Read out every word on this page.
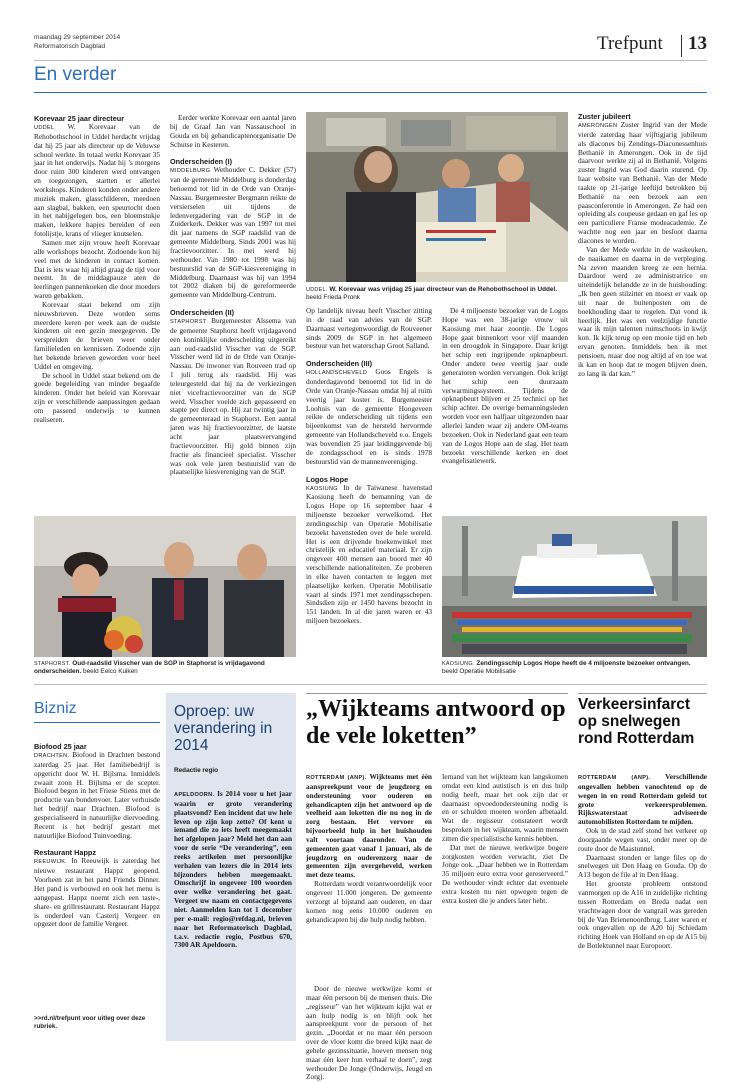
maandag 29 september 2014
Reformatorisch Dagblad	Trefpunt 13
En verder
Korevaar 25 jaar directeur

UDDEL W. Korevaar van de Rehobothschool in Uddel herdacht vrijdag dat hij 25 jaar als directeur op de Veluwse school werkte. In totaal werkt Korevaar 35 jaar in het onderwijs. Nadat hij ’s morgens door ruim 300 kinderen werd ontvangen en toegezongen, startten er allerlei workshops. Kinderen konden onder andere muziek maken, glasschilderen, meedoen aan slagbal, bakken, een speurtocht doen in het nabijgelegen bos, een bloemstukje maken, lekkere hapjes bereiden of een fotolijstje, krans of vlieger knutselen.

Samen met zijn vrouw heeft Korevaar alle workshops bezocht. Zodoende kon hij veel met de kinderen in contact komen. Dat is iets waar hij altijd graag de tijd voor neemt. In de middagpauze aten de leerlingen pannenkoeken die door moeders waren gebakken.

Korevaar staat bekend om zijn nieuwsbrieven. Deze worden soms meerdere keren per week aan de oudste kinderen uit een gezin meegegeven. De verspreiden de brieven weer onder familieleden en kennissen. Zodoende zijn het bekende brieven geworden voor heel Uddel en omgeving.

De school in Uddel staat bekend om de goede begeleiding van minder begaafde kinderen. Onder het beleid van Korevaar zijn er verschillende aanpassingen gedaan om passend onderwijs te kunnen realiseren.

Eerder werkte Korevaar een aantal jaren bij de Graaf Jan van Nassauschool in Gouda en bij gehandicaptenorganisatie De Schutse in Kesteren.

Onderscheiden (I)

MIDDELBURG Wethouder C. Dekker (57) van de gemeente Middelburg is donderdag benoemd tot lid in de Orde van Oranje-Nassau. Burgemeester Bergmann reikte de versierselen uit tijdens de ledenvergadering van de SGP in de Zuiderkerk. Dekker was van 1997 tot mei dit jaar namens de SGP raadslid van de gemeente Middelburg. Sinds 2001 was hij fractievoorzitter. In mei werd hij wethouder. Van 1980 tot 1998 was hij bestuurslid van de SGP-kiesvereniging in Middelburg. Daarnaast was hij van 1994 tot 2002 diaken bij de gereformeerde gemeente van Middelburg-Centrum.

Onderscheiden (II)

STAPHORST Burgemeester Alssema van de gemeente Staphorst heeft vrijdagavond een koninklijke onderscheiding uitgereikt aan oud-raadslid Visscher van de SGP. Visscher werd lid in de Orde van Oranje-Nassau. De inwoner van Rouveen trad op 1 juli terug als raadslid. Hij was teleurgesteld dat hij na de verkiezingen niet vicefractievoorzitter van de SGP werd. Visscher voelde zich gepasseerd en stapte per direct op. Hij zat twintig jaar in de gemeenteraad in Staphorst. Een aantal jaren was hij fractievoorzitter, de laatste acht jaar plaatsvervangend fractievoorzitter. Hij gold binnen zijn fractie als financieel specialist. Visscher was ook vele jaren bestuurslid van de plaatselijke kiesvereniging van de SGP.

UDDEL. W. Korevaar was vrijdag 25 jaar directeur van de Rehobothschool in Uddel. beeld Frieda Pronk

Op landelijk niveau heeft Visscher zitting in de raad van advies van de SGP. Daarnaast vertegenwoordigt de Rouveener sinds 2009 de SGP in het algemeen bestuur van het waterschap Groot Salland.

Onderscheiden (III)

HOLLANDSCHEVELD Goos Engels is donderdagavond benoemd tot lid in de Orde van Oranje-Nassau omdat hij al ruim veertig jaar koster is. Burgemeester Loohuis van de gemeente Hoogeveen reikte de onderscheiding uit tijdens een bijeenkomst van de hersteld hervormde gemeente van Hollandscheveld e.o. Engels was bovendien 25 jaar leidinggevende bij de zondagsschool en is sinds 1978 bestuurslid van de mannenvereniging.

Logos Hope

KAOSIUNG In de Taiwanese havenstad Kaosiung heeft de bemanning van de Logos Hope op 16 september haar 4 miljoenste bezoeker verwelkomd. Het zendingsschip van Operatie Mobilisatie bezoekt havensteden over de hele wereld. Het is een drijvende boekenwinkel met christelijk en educatief materiaal. Er zijn ongeveer 400 mensen aan boord met 40 verschillende nationaliteiten. Ze proberen in elke haven contacten te leggen met plaatselijke kerken. Operatie Mobilisatie vaart al sinds 1971 met zendingsschepen. Sindsdien zijn er 1450 havens bezocht in 151 landen. In al die jaren waren er 43 miljoen bezoekers.

De 4 miljoenste bezoeker van de Logos Hope was een 38-jarige vrouw uit Kaosiung met haar zoontje. De Logos Hope gaat binnenkort voor vijf maanden in een droogdok in Singapore. Daar krijgt het schip een ingrijpende opknapbeurt. Onder andere twee veertig jaar oude generatoren worden vervangen. Ook krijgt het schip een duurzaam verwarmingssysteem. Tijdens de opknapbeurt blijven er 25 technici op het schip achter. De overige bemanningsleden worden voor een halfjaar uitgezonden naar allerlei landen waar zij andere OM-teams bezoeken. Ook in Nederland gaat een team van de Logos Hope aan de slag. Het team bezoekt verschillende kerken en doet evangelisatiewerk.

Zuster jubileert

AMERONGEN Zuster Ingrid van der Mede vierde zaterdag haar vijftigjarig jubileum als diacones bij Zendings-Diaconessenhuis Bethanië in Amerongen. Ook in de tijd daarvoor werkte zij al in Bethanië. Volgens zuster Ingrid was God daarin sturend. Op haar website van Bethanië. Van der Mede raakte op 21-jarige leeftijd betrokken bij Bethanië na een bezoek aan een paasconferentie in Amerongen. Ze had een opleiding als coupeuse gedaan en gaf les op een particuliere Franse modeacademie. Ze wachtte nog een jaar en besloot daarna diacones te worden.

Van der Mede werkte in de waskeuken, de naaikamer en daarna in de verpleging. Na zeven maanden kreeg ze een hernia. Daardoor werd ze administratrice en uiteindelijk belandde ze in de huishouding: „Ik ben geen stilzitter en moest er vaak op uit naar de buitenposten om de boekhouding daar te regelen. Dat vond ik heerlijk. Het was een veelzijdige functie waar ik mijn talenten ruimschoots in kwijt kon. Ik kijk terug op een mooie tijd en heb ervan genoten. Inmiddels ben ik met pensioen, maar doe nog altijd af en toe wat ik kan en hoop dat te mogen blijven doen, zo lang ik dat kan.”

STAPHORST. Oud-raadslid Visscher van de SGP in Staphorst is vrijdagavond onderscheiden. beeld Eelco Kuiken
KAOSIUNG. Zendingsschip Logos Hope heeft de 4 miljoenste bezoeker ontvangen. beeld Operatie Mobilisatie
Bizniz
Biofood 25 jaar

DRACHTEN. Biofood in Drachten bestond zaterdag 25 jaar. Het familiebedrijf is opgericht door W. H. Bijlsma. Inmiddels zwaait zoon H. Bijlsma er de scepter. Biofood begon in het Friese Stiens met de productie van bondenvoer. Later verhuisde het bedrijf naar Drachten. Biofood is gespecialiseerd in natuurlijke diervoeding. Recent is het bedrijf gestart met natuurlijke Biofood Tuinvoeding.

Restaurant Happz

REEUWIJK. In Reeuwijk is zaterdag het nieuwe restaurant Happz geopend. Voorheen zat in het pand Friends Dinner. Het pand is verbouwd en ook het menu is aangepast. Happz noemt zich een taste-, share- en grillrestaurant. Restaurant Happz is onderdeel van Casterij Vergeer en opgezet door de familie Vergeer.

>>rd.nl/trefpunt voor uitleg over deze rubriek.
Oproep: uw verandering in 2014
Redactie regio

APELDOORN. Is 2014 voor u het jaar waarin er grote verandering plaatsvond? Een incident dat uw hele leven op zijn kop zette? Of kent u iemand die zo iets heeft meegemaakt het afgelopen jaar? Meld het dan aan voor de serie “De verandering”, een reeks artikelen met persoonlijke verhalen van lezers die in 2014 iets bijzonders hebben meegemaakt. Omschrijf in ongeveer 100 woorden over welke verandering het gaat. Vergeet uw naam en contactgegevens niet. Aanmelden kan tot 1 december per e-mail: regio@refdag.nl, brieven naar het Reformatorisch Dagblad, t.a.v. redactie regio, Postbus 670, 7300 AR Apeldoorn.

„Wijkteams antwoord op de vele loketten”

ROTTERDAM (ANP). Wijkteams met één aanspreekpunt voor de jeugdzorg en ondersteuning voor ouderen en gehandicapten zijn het antwoord op de veelheid aan loketten die nu nog in de zorg bestaan. Het vervoer en bijvoorbeeld hulp in het huishouden valt voortaan daaronder. Van de gemeenten gaat vanaf 1 januari, als de jeugdzorg en ouderenzorg naar de gemeenten zijn overgeheveld, werken met deze teams.

Rotterdam wordt verantwoordelijk voor ongeveer 11.000 jongeren. De gemeente verzorgt al bijstand aan ouderen, en daar komen nog eens 10.000 ouderen en gehandicapten bij die hulp nodig hebben.

Iemand van het wijkteam kan langskomen omdat een kind autistisch is en dus hulp nodig heeft, maar het ook zijn dat er daarnaast opvoedondersteuning nodig is en er schulden moeten worden afbetaald. Wat de regisseur constateert wordt besproken in het wijkteam, waarin mensen zitten die specialistische kennis hebben.

Dat met de nieuwe werkwijze bogere zorgkosten worden verwacht, ziet De Jonge ook. „Daar hebben we in Rotterdam 35 miljoen euro extra voor gereserveerd.” De wethouder vindt echter dat eventuele extra kosten nu niet opwegen tegen de extra kosten die je anders later hebt.

Verkeersinfarct op snelwegen rond Rotterdam

ROTTERDAM (ANP). Verschillende ongevallen hebben vanochtend op de wegen in en rond Rotterdam geleid tot grote verkeersproblemen. Rijkswaterstaat adviseerde automobilisten Rotterdam te mijden.

Ook in de stad zelf stond het verkeer op doorgaande wegen vast, onder meer op de route door de Maastunnel.

Daarnaast stonden er lange files op de snelwegen uit Den Haag en Gouda. Op de A13 begon de file al in Den Haag.

Het grootste probleem ontstond vanmorgen op de A16 in zuidelijke richting tussen Rotterdam en Breda nadat een vrachtwagen door de vangrail was gereden bij de Van Brienenoordbrug. Later waren er ook ongevallen op de A20 bij Schiedam richting Hoek van Holland en op de A15 bij de Botlektunnel naar Europoort.

Door de nieuwe werkwijze komt er maar één persoon bij de mensen thuis. Die „regisseur” van het wijkteam kijkt wat er aan hulp nodig is en blijft ook het aanspreekpunt voor de persoon of het gezin. „Doordat er nu maar één persoon over de vloer komt die breed kijkt naar de gehele gezinssituatie, hoeven mensen nog maar één keer hun verhaal te doen”, zegt wethouder De Jonge (Onderwijs, Jeugd en Zorg).
